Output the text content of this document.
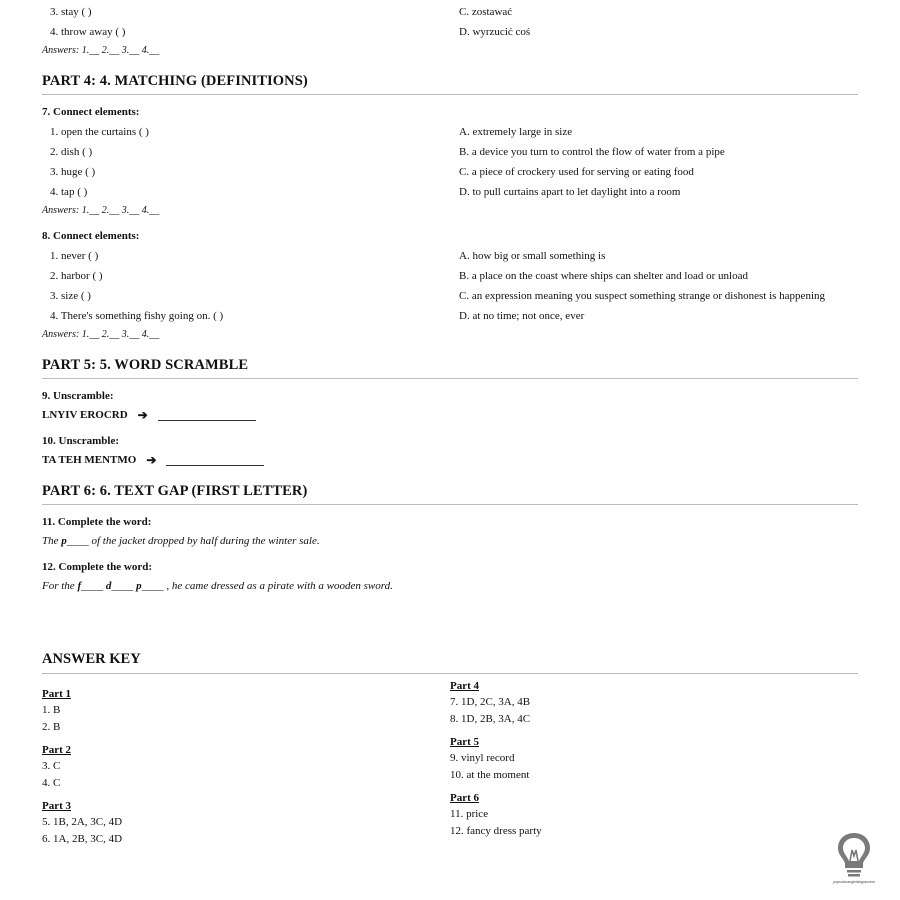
3. stay ( )	C. zostawać
4. throw away ( )	D. wyrzucić coś
Answers: 1.__ 2.__ 3.__ 4.__
PART 4: 4. MATCHING (DEFINITIONS)
7. Connect elements:
1. open the curtains ( )	A. extremely large in size
2. dish ( )	B. a device you turn to control the flow of water from a pipe
3. huge ( )	C. a piece of crockery used for serving or eating food
4. tap ( )	D. to pull curtains apart to let daylight into a room
Answers: 1.__ 2.__ 3.__ 4.__
8. Connect elements:
1. never ( )	A. how big or small something is
2. harbor ( )	B. a place on the coast where ships can shelter and load or unload
3. size ( )	C. an expression meaning you suspect something strange or dishonest is happening
4. There's something fishy going on. ( )	D. at no time; not once, ever
Answers: 1.__ 2.__ 3.__ 4.__
PART 5: 5. WORD SCRAMBLE
9. Unscramble:
LNYIV EROCRD ➔
10. Unscramble:
TA TEH MENTMO ➔
PART 6: 6. TEXT GAP (FIRST LETTER)
11. Complete the word:
The p____ of the jacket dropped by half during the winter sale.
12. Complete the word:
For the f____ d____ p____ , he came dressed as a pirate with a wooden sword.
ANSWER KEY
Part 1
1. B
2. B
Part 2
3. C
4. C
Part 3
5. 1B, 2A, 3C, 4D
6. 1A, 2B, 3C, 4D
Part 4
7. 1D, 2C, 3A, 4B
8. 1D, 2B, 3A, 4C
Part 5
9. vinyl record
10. at the moment
Part 6
11. price
12. fancy dress party
poprostuangielskigraczem
